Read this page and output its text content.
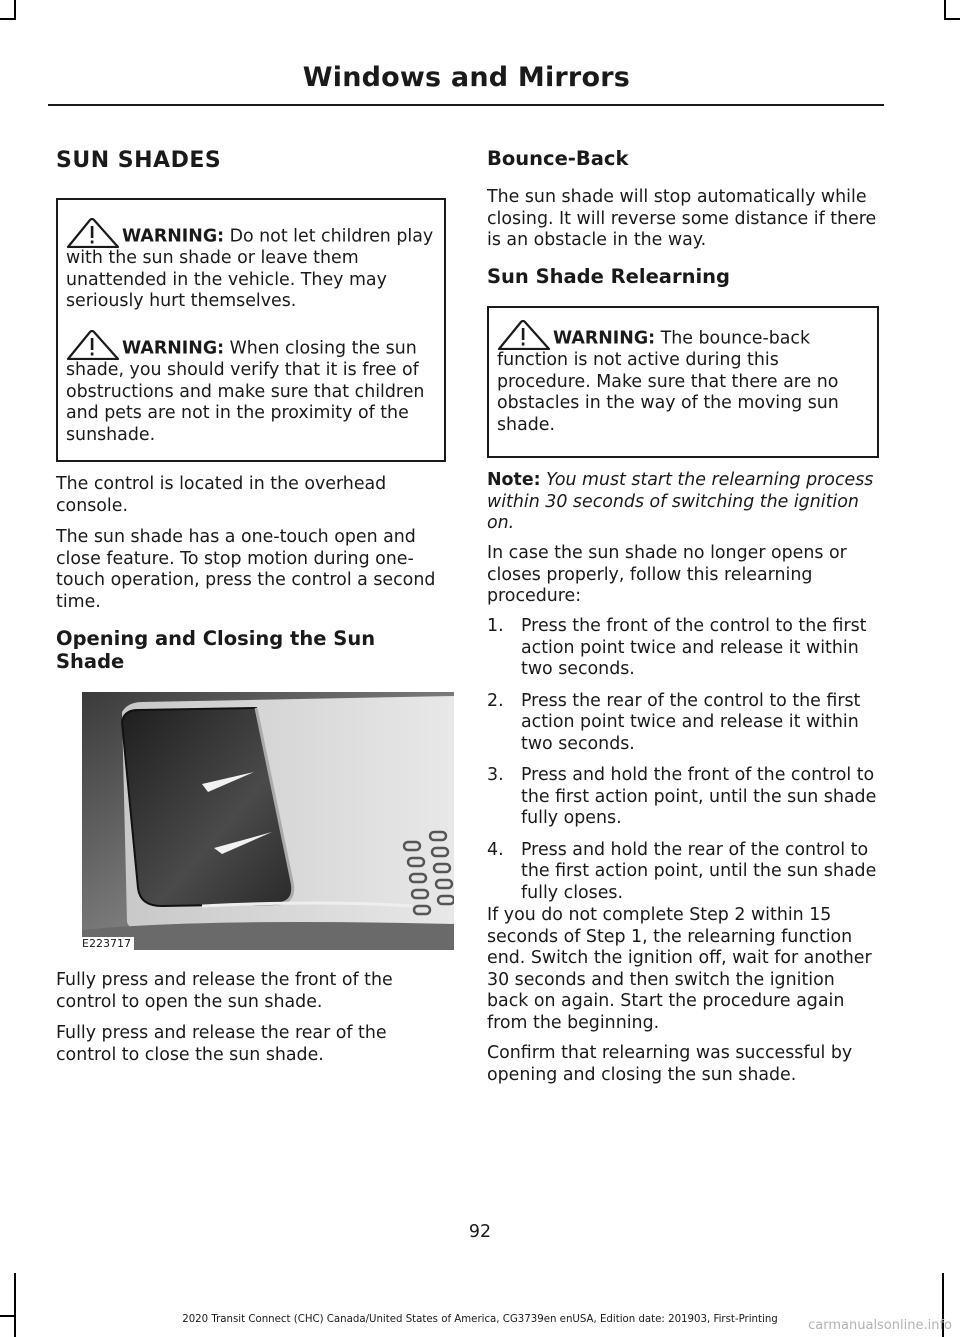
Windows and Mirrors
SUN SHADES
WARNING: Do not let children play with the sun shade or leave them unattended in the vehicle. They may seriously hurt themselves.
WARNING: When closing the sun shade, you should verify that it is free of obstructions and make sure that children and pets are not in the proximity of the sunshade.

The control is located in the overhead console.

The sun shade has a one-touch open and close feature. To stop motion during one-touch operation, press the control a second time.

Opening and Closing the Sun Shade
E223717

Fully press and release the front of the control to open the sun shade.

Fully press and release the rear of the control to close the sun shade.

Bounce-Back

The sun shade will stop automatically while closing. It will reverse some distance if there is an obstacle in the way.

Sun Shade Relearning
WARNING: The bounce-back function is not active during this procedure. Make sure that there are no obstacles in the way of the moving sun shade.

Note: You must start the relearning process within 30 seconds of switching the ignition on.

In case the sun shade no longer opens or closes properly, follow this relearning procedure:

1. Press the front of the control to the first action point twice and release it within two seconds.
2. Press the rear of the control to the first action point twice and release it within two seconds.
3. Press and hold the front of the control to the first action point, until the sun shade fully opens.
4. Press and hold the rear of the control to the first action point, until the sun shade fully closes.

If you do not complete Step 2 within 15 seconds of Step 1, the relearning function end. Switch the ignition off, wait for another 30 seconds and then switch the ignition back on again. Start the procedure again from the beginning.

Confirm that relearning was successful by opening and closing the sun shade.

92
2020 Transit Connect (CHC) Canada/United States of America, CG3739en enUSA, Edition date: 201903, First-Printing	carmanualsonline.info
